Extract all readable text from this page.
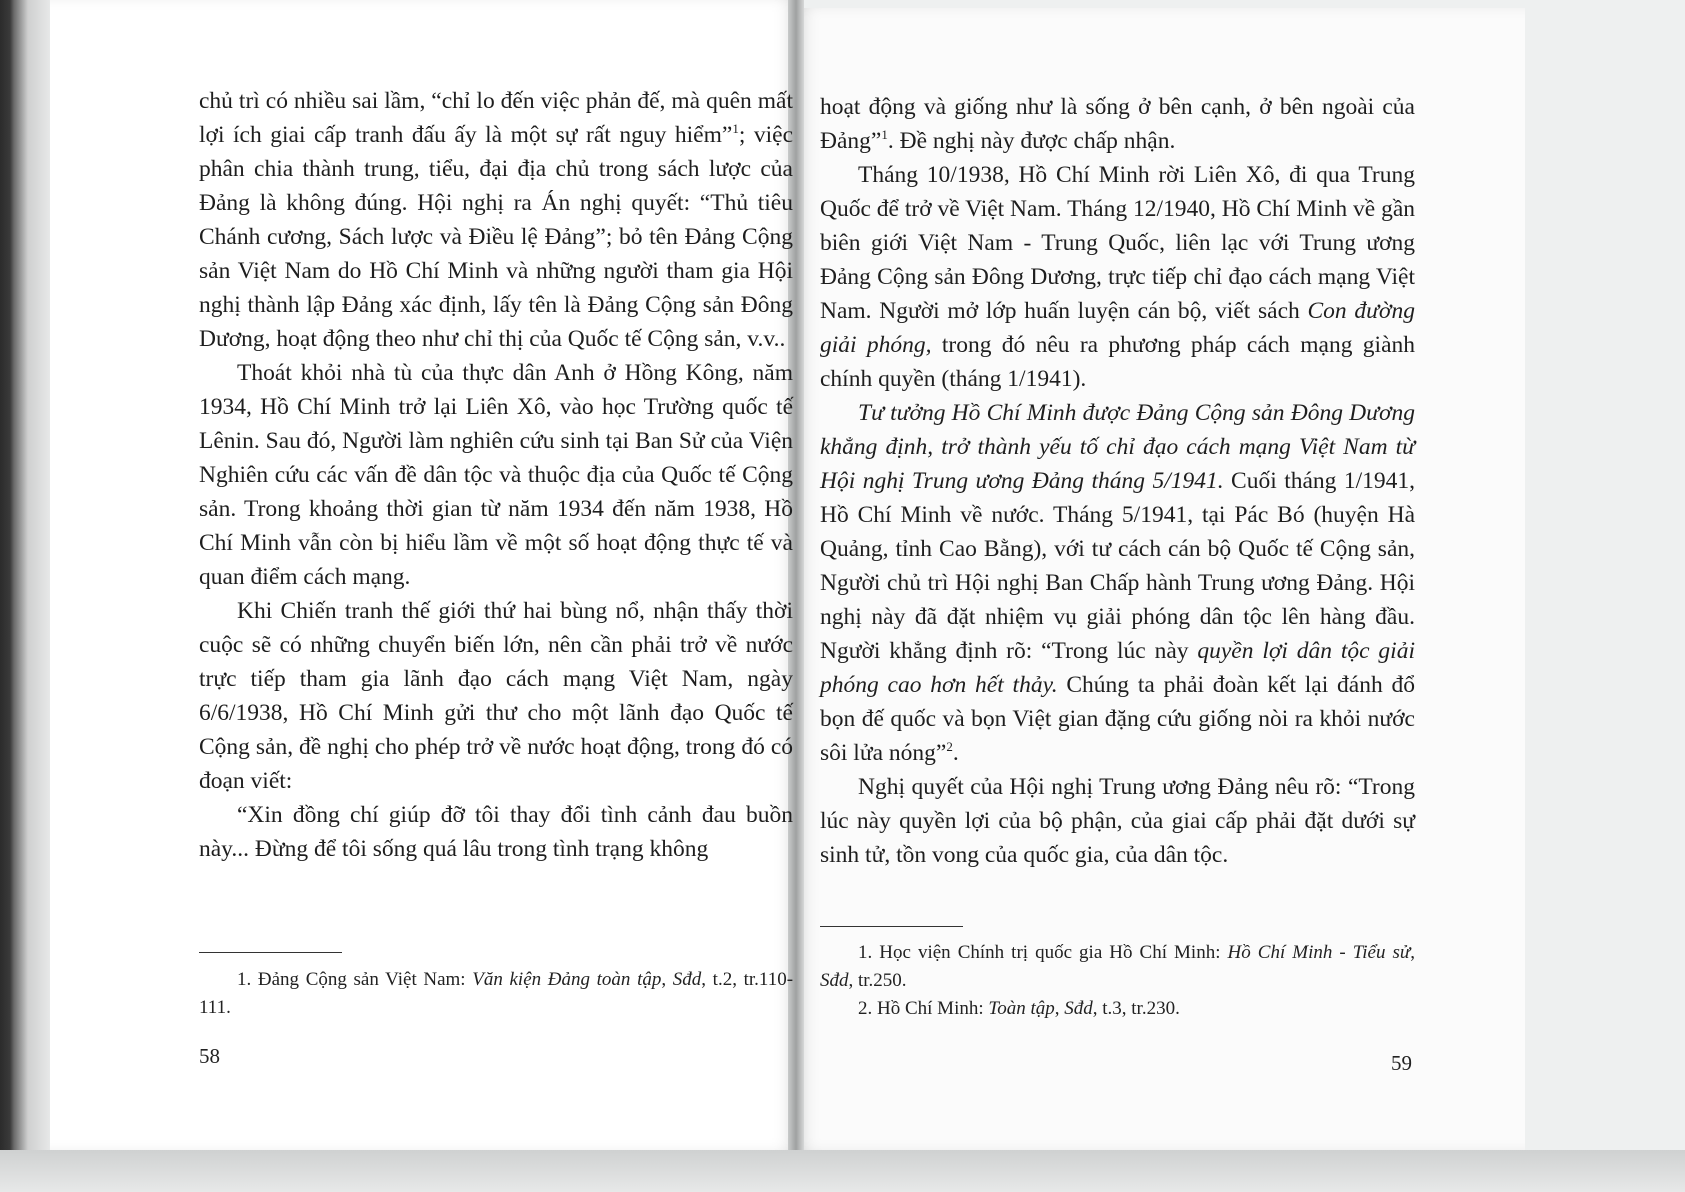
chủ trì có nhiều sai lầm, “chỉ lo đến việc phản đế, mà quên mất lợi ích giai cấp tranh đấu ấy là một sự rất nguy hiểm”$^1$; việc phân chia thành trung, tiểu, đại địa chủ trong sách lược của Đảng là không đúng. Hội nghị ra Án nghị quyết: “Thủ tiêu Chánh cương, Sách lược và Điều lệ Đảng”; bỏ tên Đảng Cộng sản Việt Nam do Hồ Chí Minh và những người tham gia Hội nghị thành lập Đảng xác định, lấy tên là Đảng Cộng sản Đông Dương, hoạt động theo như chỉ thị của Quốc tế Cộng sản, v.v..

Thoát khỏi nhà tù của thực dân Anh ở Hồng Kông, năm 1934, Hồ Chí Minh trở lại Liên Xô, vào học Trường quốc tế Lênin. Sau đó, Người làm nghiên cứu sinh tại Ban Sử của Viện Nghiên cứu các vấn đề dân tộc và thuộc địa của Quốc tế Cộng sản. Trong khoảng thời gian từ năm 1934 đến năm 1938, Hồ Chí Minh vẫn còn bị hiểu lầm về một số hoạt động thực tế và quan điểm cách mạng.

Khi Chiến tranh thế giới thứ hai bùng nổ, nhận thấy thời cuộc sẽ có những chuyển biến lớn, nên cần phải trở về nước trực tiếp tham gia lãnh đạo cách mạng Việt Nam, ngày 6/6/1938, Hồ Chí Minh gửi thư cho một lãnh đạo Quốc tế Cộng sản, đề nghị cho phép trở về nước hoạt động, trong đó có đoạn viết:

“Xin đồng chí giúp đỡ tôi thay đổi tình cảnh đau buồn này... Đừng để tôi sống quá lâu trong tình trạng không

1. Đảng Cộng sản Việt Nam: Văn kiện Đảng toàn tập, Sđd, t.2, tr.110-111.

58

hoạt động và giống như là sống ở bên cạnh, ở bên ngoài của Đảng”$^1$. Đề nghị này được chấp nhận.

Tháng 10/1938, Hồ Chí Minh rời Liên Xô, đi qua Trung Quốc để trở về Việt Nam. Tháng 12/1940, Hồ Chí Minh về gần biên giới Việt Nam - Trung Quốc, liên lạc với Trung ương Đảng Cộng sản Đông Dương, trực tiếp chỉ đạo cách mạng Việt Nam. Người mở lớp huấn luyện cán bộ, viết sách Con đường giải phóng, trong đó nêu ra phương pháp cách mạng giành chính quyền (tháng 1/1941).

Tư tưởng Hồ Chí Minh được Đảng Cộng sản Đông Dương khẳng định, trở thành yếu tố chỉ đạo cách mạng Việt Nam từ Hội nghị Trung ương Đảng tháng 5/1941. Cuối tháng 1/1941, Hồ Chí Minh về nước. Tháng 5/1941, tại Pác Bó (huyện Hà Quảng, tỉnh Cao Bằng), với tư cách cán bộ Quốc tế Cộng sản, Người chủ trì Hội nghị Ban Chấp hành Trung ương Đảng. Hội nghị này đã đặt nhiệm vụ giải phóng dân tộc lên hàng đầu. Người khẳng định rõ: “Trong lúc này quyền lợi dân tộc giải phóng cao hơn hết thảy. Chúng ta phải đoàn kết lại đánh đổ bọn đế quốc và bọn Việt gian đặng cứu giống nòi ra khỏi nước sôi lửa nóng”$^2$.

Nghị quyết của Hội nghị Trung ương Đảng nêu rõ: “Trong lúc này quyền lợi của bộ phận, của giai cấp phải đặt dưới sự sinh tử, tồn vong của quốc gia, của dân tộc.

1. Học viện Chính trị quốc gia Hồ Chí Minh: Hồ Chí Minh - Tiểu sử, Sđd, tr.250.

2. Hồ Chí Minh: Toàn tập, Sđd, t.3, tr.230.

59
